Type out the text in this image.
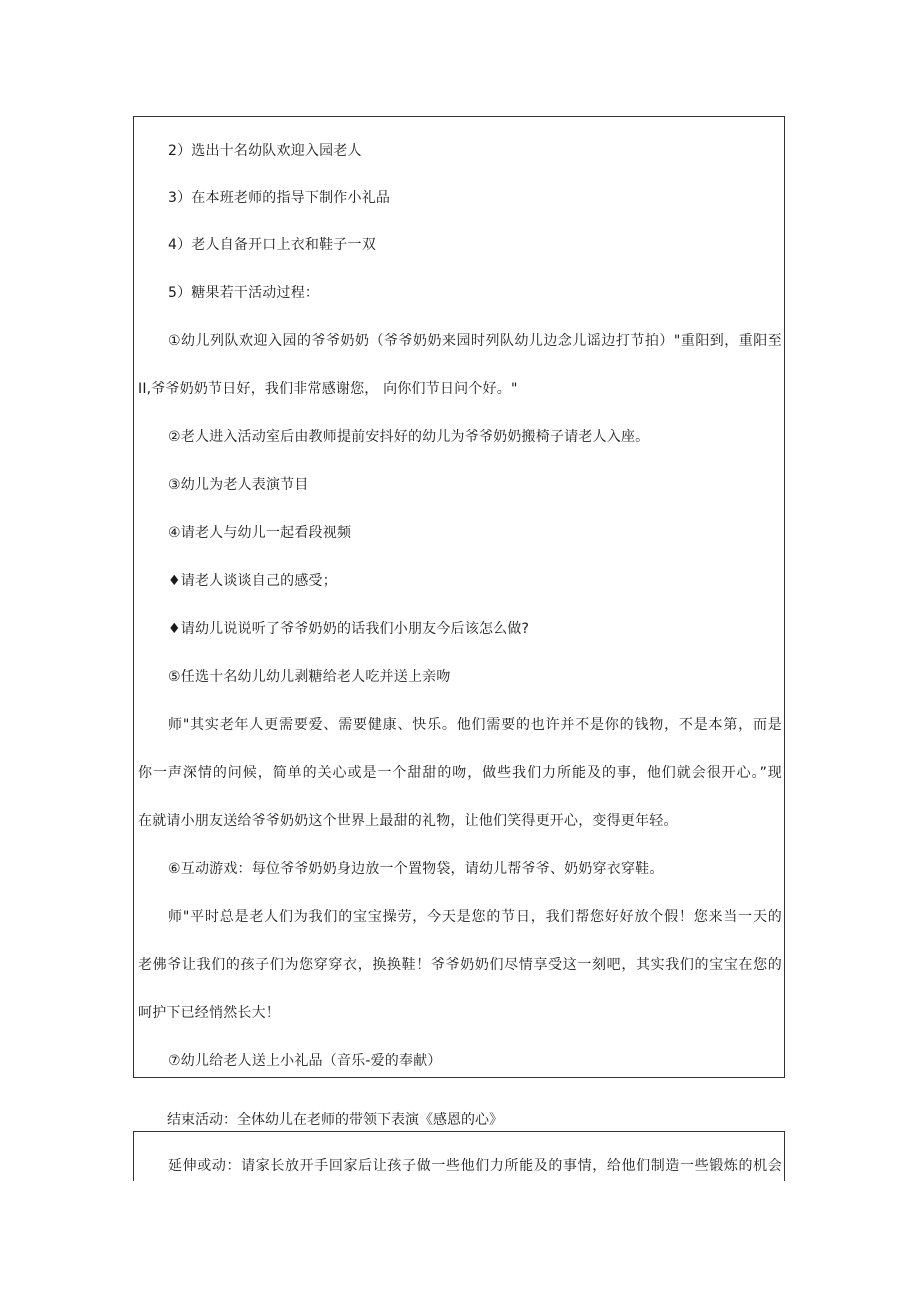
2）选出十名幼队欢迎入园老人

3）在本班老师的指导下制作小礼品

4）老人自备开口上衣和鞋子一双

5）糖果若干活动过程：

①幼儿列队欢迎入园的爷爷奶奶（爷爷奶奶来园时列队幼儿边念儿谣边打节拍）"重阳到，重阳至

II,爷爷奶奶节日好，我们非常感谢您， 向你们节日问个好。"

②老人进入活动室后由教师提前安抖好的幼儿为爷爷奶奶搬椅子请老人入座。

③幼儿为老人表演节目

④请老人与幼儿一起看段视频

♦请老人谈谈自己的感受；

♦请幼儿说说听了爷爷奶奶的话我们小朋友今后该怎么做?

⑤任选十名幼儿幼儿剥糖给老人吃并送上亲吻

师"其实老年人更需要爱、需要健康、快乐。他们需要的也许并不是你的钱物，不是本第，而是

你一声深情的问候，简单的关心或是一个甜甜的吻，做些我们力所能及的事，他们就会很开心。”现

在就请小朋友送给爷爷奶奶这个世界上最甜的礼物，让他们笑得更开心，变得更年轻。

⑥互动游戏：每位爷爷奶奶身边放一个置物袋，请幼儿帮爷爷、奶奶穿衣穿鞋。

师"平时总是老人们为我们的宝宝操劳，今天是您的节日，我们帮您好好放个假！您来当一天的

老佛爷让我们的孩子们为您穿穿衣，换换鞋！爷爷奶奶们尽情享受这一刻吧，其实我们的宝宝在您的

呵护下已经悄然长大！

⑦幼儿给老人送上小礼品（音乐-爱的奉献）

结束活动：全体幼儿在老师的带领下表演《感恩的心》

延伸或动：请家长放开手回家后让孩子做一些他们力所能及的事情，给他们制造一些锻炼的机会
